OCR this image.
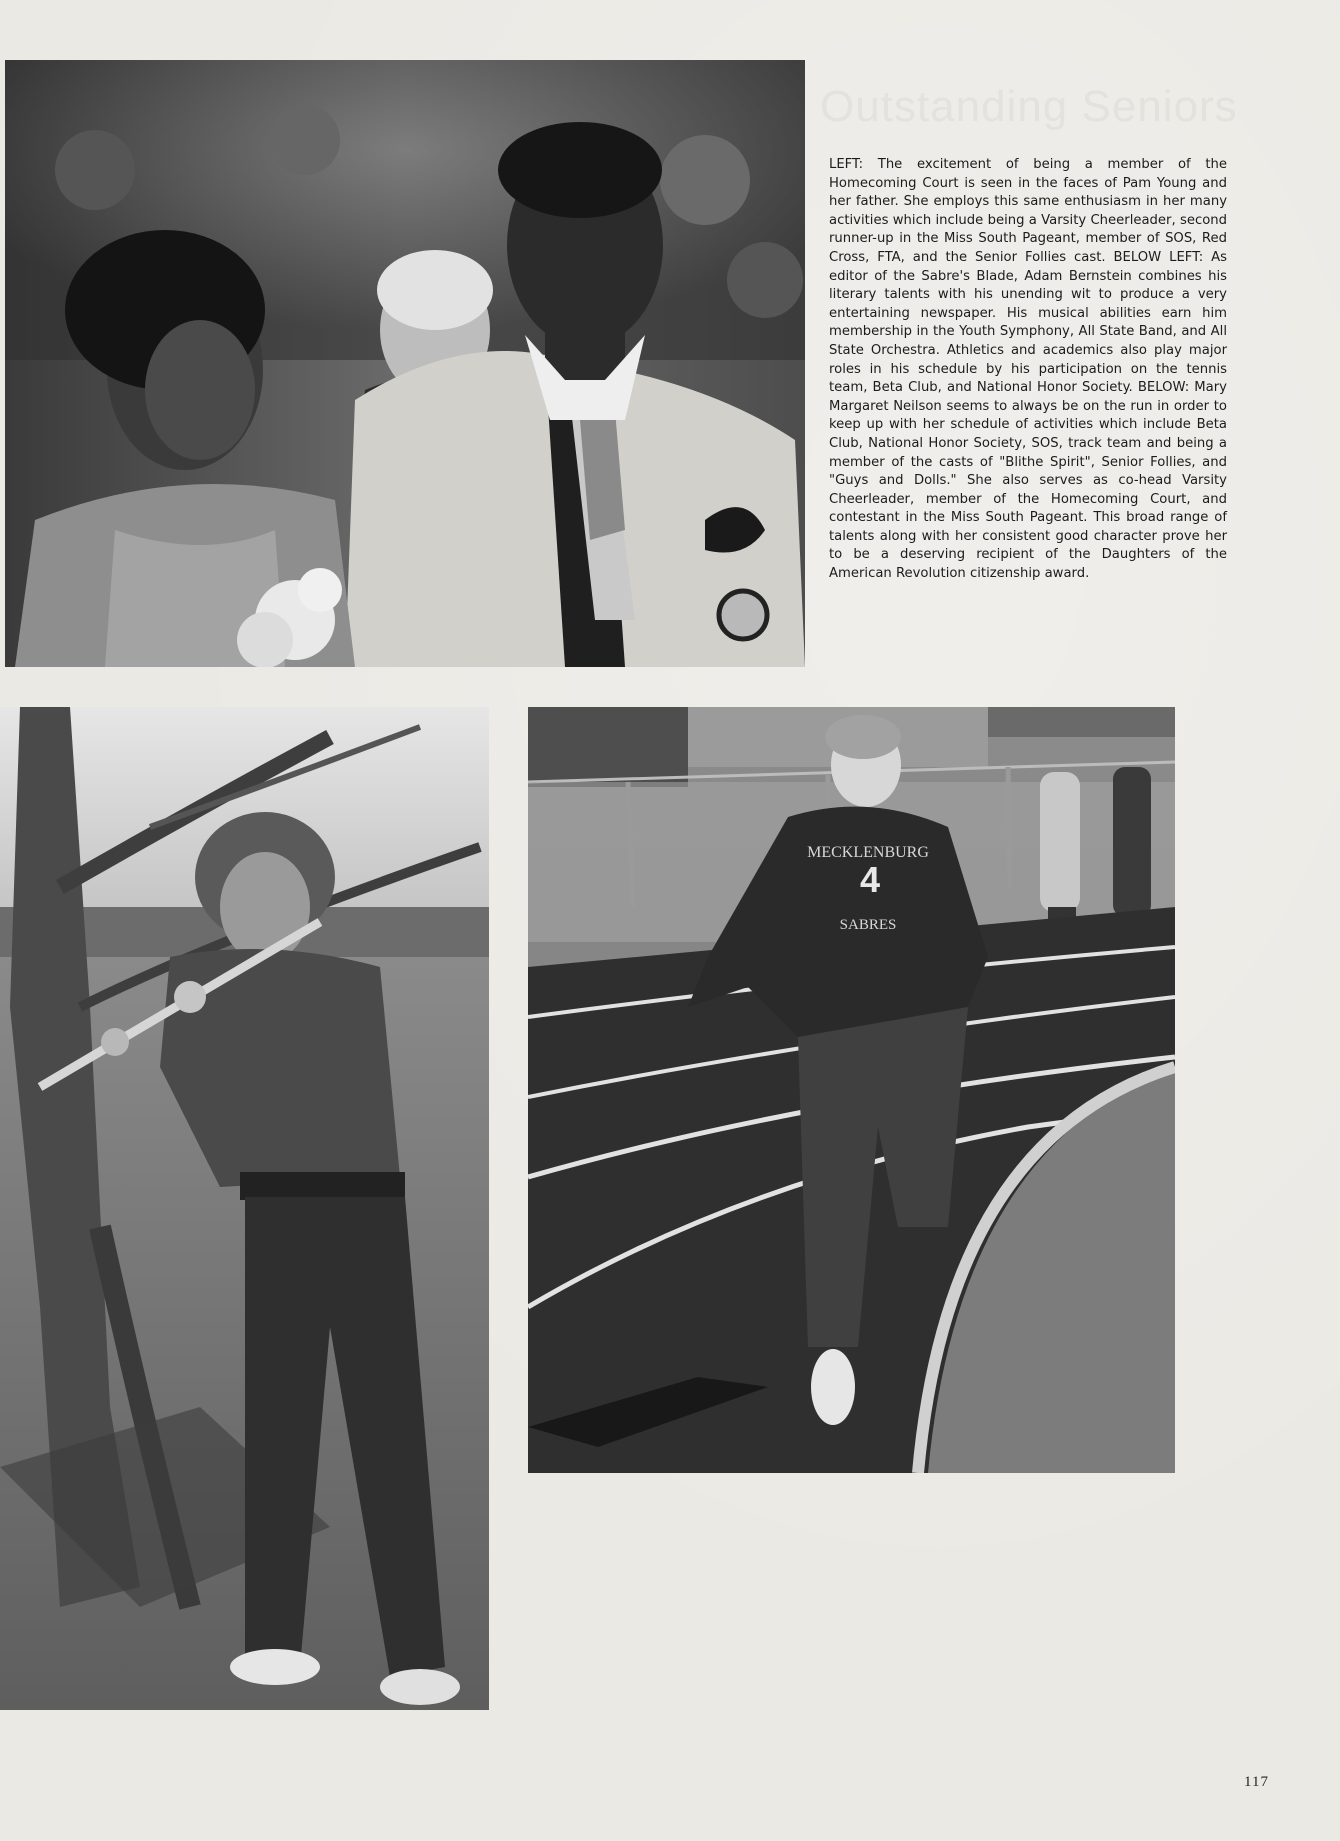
Outstanding Seniors

LEFT: The excitement of being a member of the Homecoming Court is seen in the faces of Pam Young and her father. She employs this same enthusiasm in her many activities which include being a Varsity Cheerleader, second runner-up in the Miss South Pageant, member of SOS, Red Cross, FTA, and the Senior Follies cast. BELOW LEFT: As editor of the Sabre's Blade, Adam Bernstein combines his literary talents with his unending wit to produce a very entertaining newspaper. His musical abilities earn him membership in the Youth Symphony, All State Band, and All State Orchestra. Athletics and academics also play major roles in his schedule by his participation on the tennis team, Beta Club, and National Honor Society. BELOW: Mary Margaret Neilson seems to always be on the run in order to keep up with her schedule of activities which include Beta Club, National Honor Society, SOS, track team and being a member of the casts of "Blithe Spirit", Senior Follies, and "Guys and Dolls." She also serves as co-head Varsity Cheerleader, member of the Homecoming Court, and contestant in the Miss South Pageant. This broad range of talents along with her consistent good character prove her to be a deserving recipient of the Daughters of the American Revolution citizenship award.

4
MECKLENBURG
SABRES
117
